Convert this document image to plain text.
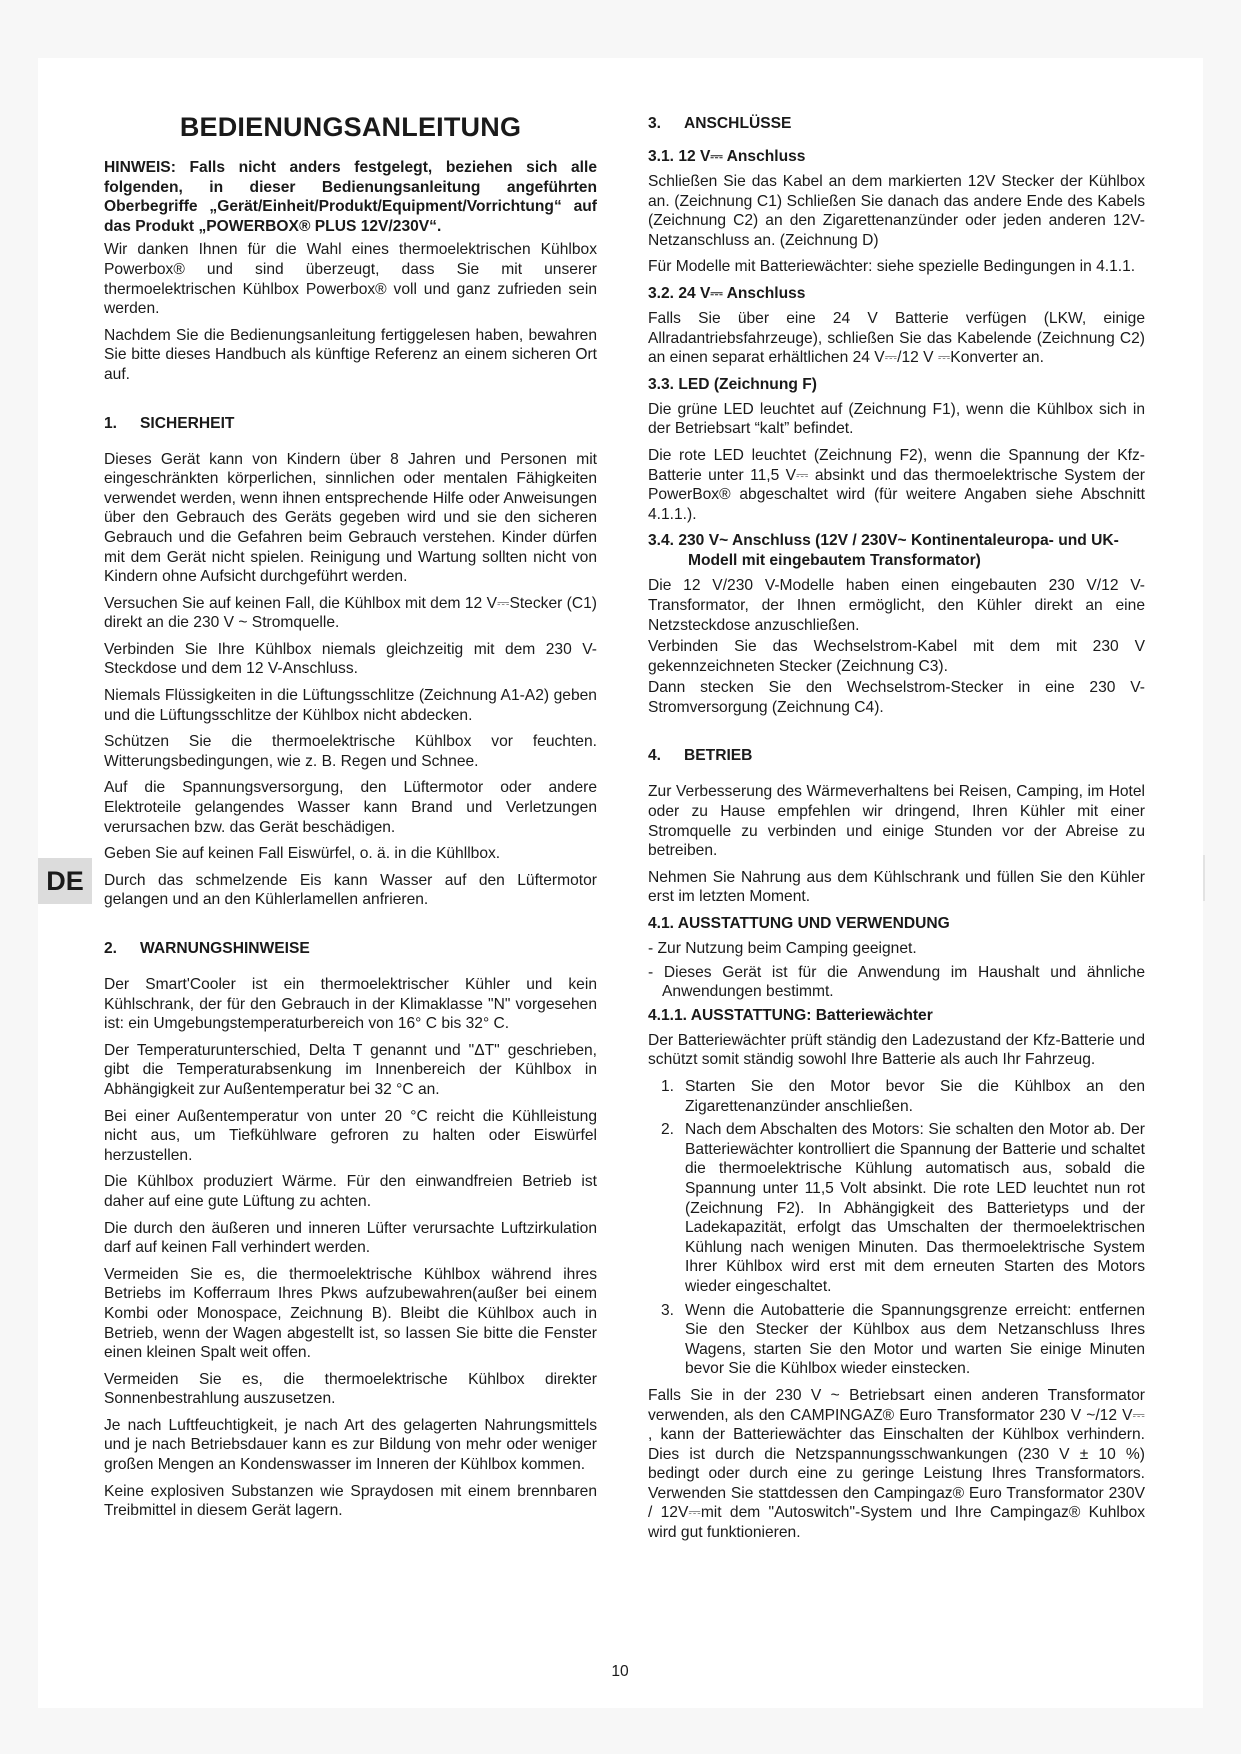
BEDIENUNGSANLEITUNG

HINWEIS: Falls nicht anders festgelegt, beziehen sich alle folgenden, in dieser Bedienungsanleitung angeführten Oberbegriffe „Gerät/Einheit/Produkt/Equipment/Vorrichtung“ auf das Produkt „POWERBOX® PLUS 12V/230V“.

Wir danken Ihnen für die Wahl eines thermoelektrischen Kühlbox Powerbox® und sind überzeugt, dass Sie mit unserer thermoelektrischen Kühlbox Powerbox® voll und ganz zufrieden sein werden.

Nachdem Sie die Bedienungsanleitung fertiggelesen haben, bewahren Sie bitte dieses Handbuch als künftige Referenz an einem sicheren Ort auf.

1. SICHERHEIT

Dieses Gerät kann von Kindern über 8 Jahren und Personen mit eingeschränkten körperlichen, sinnlichen oder mentalen Fähigkeiten verwendet werden, wenn ihnen entsprechende Hilfe oder Anweisungen über den Gebrauch des Geräts gegeben wird und sie den sicheren Gebrauch und die Gefahren beim Gebrauch verstehen. Kinder dürfen mit dem Gerät nicht spielen. Reinigung und Wartung sollten nicht von Kindern ohne Aufsicht durchgeführt werden.

Versuchen Sie auf keinen Fall, die Kühlbox mit dem 12 V⎓Stecker (C1) direkt an die 230 V ~ Stromquelle.

Verbinden Sie Ihre Kühlbox niemals gleichzeitig mit dem 230 V-Steckdose und dem 12 V-Anschluss.

Niemals Flüssigkeiten in die Lüftungsschlitze (Zeichnung A1-A2) geben und die Lüftungsschlitze der Kühlbox nicht abdecken.

Schützen Sie die thermoelektrische Kühlbox vor feuchten. Witterungsbedingungen, wie z. B. Regen und Schnee.

Auf die Spannungsversorgung, den Lüftermotor oder andere Elektroteile gelangendes Wasser kann Brand und Verletzungen verursachen bzw. das Gerät beschädigen.

Geben Sie auf keinen Fall Eiswürfel, o. ä. in die Kühllbox.

Durch das schmelzende Eis kann Wasser auf den Lüftermotor gelangen und an den Kühlerlamellen anfrieren.

2. WARNUNGSHINWEISE

Der Smart'Cooler ist ein thermoelektrischer Kühler und kein Kühlschrank, der für den Gebrauch in der Klimaklasse "N" vorgesehen ist: ein Umgebungstemperaturbereich von 16° C bis 32° C.

Der Temperaturunterschied, Delta T genannt und "ΔT" geschrieben, gibt die Temperaturabsenkung im Innenbereich der Kühlbox in Abhängigkeit zur Außentemperatur bei 32 °C an.

Bei einer Außentemperatur von unter 20 °C reicht die Kühlleistung nicht aus, um Tiefkühlware gefroren zu halten oder Eiswürfel herzustellen.

Die Kühlbox produziert Wärme. Für den einwandfreien Betrieb ist daher auf eine gute Lüftung zu achten.

Die durch den äußeren und inneren Lüfter verursachte Luftzirkulation darf auf keinen Fall verhindert werden.

Vermeiden Sie es, die thermoelektrische Kühlbox während ihres Betriebs im Kofferraum Ihres Pkws aufzubewahren(außer bei einem Kombi oder Monospace, Zeichnung B). Bleibt die Kühlbox auch in Betrieb, wenn der Wagen abgestellt ist, so lassen Sie bitte die Fenster einen kleinen Spalt weit offen.

Vermeiden Sie es, die thermoelektrische Kühlbox direkter Sonnenbestrahlung auszusetzen.

Je nach Luftfeuchtigkeit, je nach Art des gelagerten Nahrungsmittels und je nach Betriebsdauer kann es zur Bildung von mehr oder weniger großen Mengen an Kondenswasser im Inneren der Kühlbox kommen.

Keine explosiven Substanzen wie Spraydosen mit einem brennbaren Treibmittel in diesem Gerät lagern.

3. ANSCHLÜSSE
3.1. 12 V⎓ Anschluss

Schließen Sie das Kabel an dem markierten 12V Stecker der Kühlbox an. (Zeichnung C1) Schließen Sie danach das andere Ende des Kabels (Zeichnung C2) an den Zigarettenanzünder oder jeden anderen 12V-Netzanschluss an. (Zeichnung D)

Für Modelle mit Batteriewächter: siehe spezielle Bedingungen in 4.1.1.

3.2. 24 V⎓ Anschluss

Falls Sie über eine 24 V Batterie verfügen (LKW, einige Allradantriebsfahrzeuge), schließen Sie das Kabelende (Zeichnung C2) an einen separat erhältlichen 24 V⎓/12 V ⎓Konverter an.

3.3. LED (Zeichnung F)

Die grüne LED leuchtet auf (Zeichnung F1), wenn die Kühlbox sich in der Betriebsart “kalt” befindet.

Die rote LED leuchtet (Zeichnung F2), wenn die Spannung der Kfz-Batterie unter 11,5 V⎓ absinkt und das thermoelektrische System der PowerBox® abgeschaltet wird (für weitere Angaben siehe Abschnitt 4.1.1.).

3.4. 230 V~ Anschluss (12V / 230V~ Kontinentaleuropa- und UK-Modell mit eingebautem Transformator)

Die 12 V/230 V-Modelle haben einen eingebauten 230 V/12 V-Transformator, der Ihnen ermöglicht, den Kühler direkt an eine Netzsteckdose anzuschließen.

Verbinden Sie das Wechselstrom-Kabel mit dem mit 230 V gekennzeichneten Stecker (Zeichnung C3).

Dann stecken Sie den Wechselstrom-Stecker in eine 230 V-Stromversorgung (Zeichnung C4).

4. BETRIEB

Zur Verbesserung des Wärmeverhaltens bei Reisen, Camping, im Hotel oder zu Hause empfehlen wir dringend, Ihren Kühler mit einer Stromquelle zu verbinden und einige Stunden vor der Abreise zu betreiben.

Nehmen Sie Nahrung aus dem Kühlschrank und füllen Sie den Kühler erst im letzten Moment.

4.1. AUSSTATTUNG UND VERWENDUNG

- Zur Nutzung beim Camping geeignet.

- Dieses Gerät ist für die Anwendung im Haushalt und ähnliche Anwendungen bestimmt.

4.1.1. AUSSTATTUNG: Batteriewächter

Der Batteriewächter prüft ständig den Ladezustand der Kfz-Batterie und schützt somit ständig sowohl Ihre Batterie als auch Ihr Fahrzeug.

1. Starten Sie den Motor bevor Sie die Kühlbox an den Zigarettenanzünder anschließen.
2. Nach dem Abschalten des Motors: Sie schalten den Motor ab. Der Batteriewächter kontrolliert die Spannung der Batterie und schaltet die thermoelektrische Kühlung automatisch aus, sobald die Spannung unter 11,5 Volt absinkt. Die rote LED leuchtet nun rot (Zeichnung F2). In Abhängigkeit des Batterietyps und der Ladekapazität, erfolgt das Umschalten der thermoelektrischen Kühlung nach wenigen Minuten. Das thermoelektrische System Ihrer Kühlbox wird erst mit dem erneuten Starten des Motors wieder eingeschaltet.
3. Wenn die Autobatterie die Spannungsgrenze erreicht: entfernen Sie den Stecker der Kühlbox aus dem Netzanschluss Ihres Wagens, starten Sie den Motor und warten Sie einige Minuten bevor Sie die Kühlbox wieder einstecken.

Falls Sie in der 230 V ~ Betriebsart einen anderen Transformator verwenden, als den CAMPINGAZ® Euro Transformator 230 V ~/12 V⎓ , kann der Batteriewächter das Einschalten der Kühlbox verhindern. Dies ist durch die Netzspannungsschwankungen (230 V ± 10 %) bedingt oder durch eine zu geringe Leistung Ihres Transformators. Verwenden Sie stattdessen den Campingaz® Euro Transformator 230V / 12V⎓mit dem "Autoswitch"-System und Ihre Campingaz® Kuhlbox wird gut funktionieren.

DE
10
